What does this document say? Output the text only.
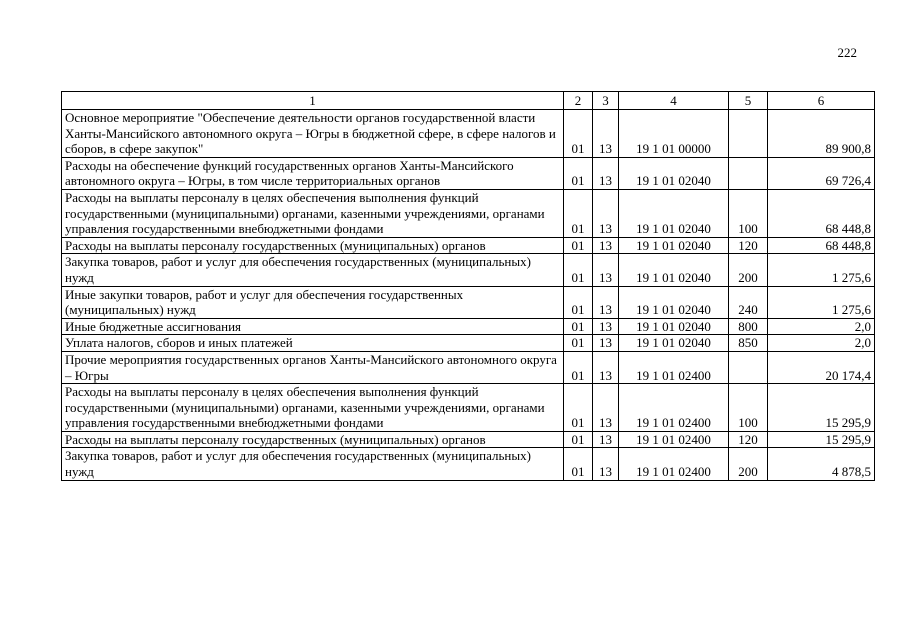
222
1	2	3	4	5	6
Основное мероприятие "Обеспечение деятельности органов государственной власти Ханты-Мансийского автономного округа – Югры в бюджетной сфере, в сфере налогов и сборов, в сфере закупок"	01	13	19 1 01 00000		89 900,8
Расходы на обеспечение функций государственных органов Ханты-Мансийского автономного округа – Югры, в том числе территориальных органов	01	13	19 1 01 02040		69 726,4
Расходы на выплаты персоналу в целях обеспечения выполнения функций государственными (муниципальными) органами, казенными учреждениями, органами управления государственными внебюджетными фондами	01	13	19 1 01 02040	100	68 448,8
Расходы на выплаты персоналу государственных (муниципальных) органов	01	13	19 1 01 02040	120	68 448,8
Закупка товаров, работ и услуг для обеспечения государственных (муниципальных) нужд	01	13	19 1 01 02040	200	1 275,6
Иные закупки товаров, работ и услуг для обеспечения государственных (муниципальных) нужд	01	13	19 1 01 02040	240	1 275,6
Иные бюджетные ассигнования	01	13	19 1 01 02040	800	2,0
Уплата налогов, сборов и иных платежей	01	13	19 1 01 02040	850	2,0
Прочие мероприятия государственных органов Ханты-Мансийского автономного округа – Югры	01	13	19 1 01 02400		20 174,4
Расходы на выплаты персоналу в целях обеспечения выполнения функций государственными (муниципальными) органами, казенными учреждениями, органами управления государственными внебюджетными фондами	01	13	19 1 01 02400	100	15 295,9
Расходы на выплаты персоналу государственных (муниципальных) органов	01	13	19 1 01 02400	120	15 295,9
Закупка товаров, работ и услуг для обеспечения государственных (муниципальных) нужд	01	13	19 1 01 02400	200	4 878,5
